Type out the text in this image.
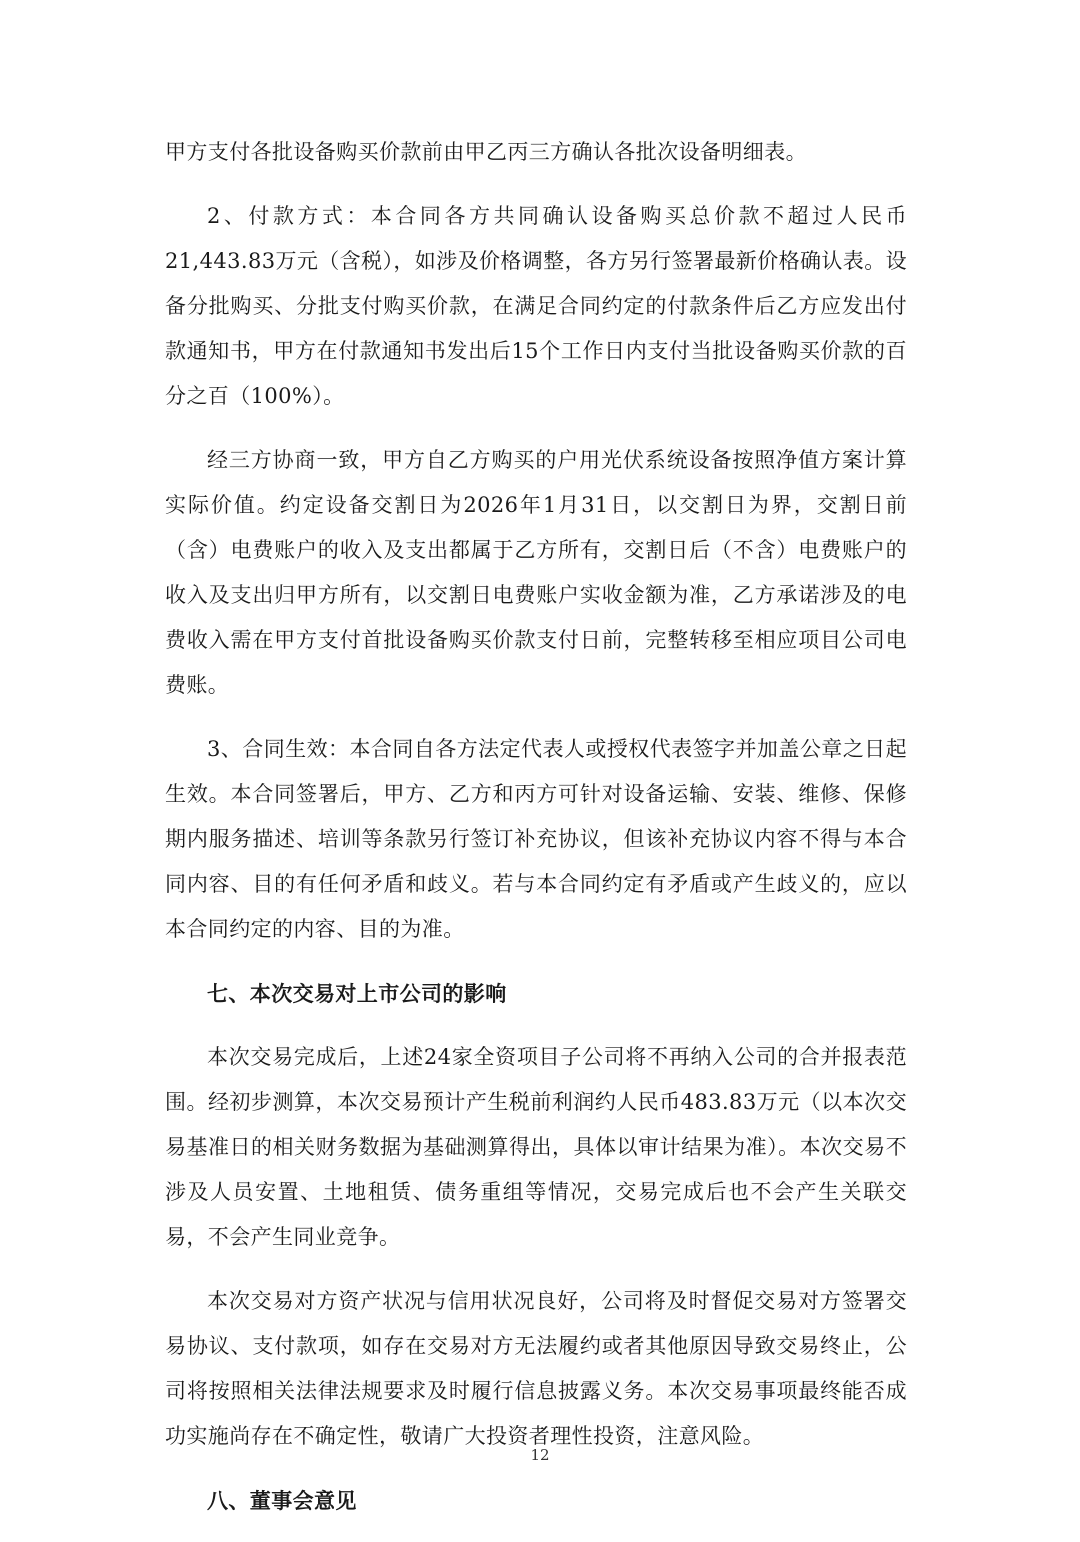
甲方支付各批设备购买价款前由甲乙丙三方确认各批次设备明细表。

2、付款方式：本合同各方共同确认设备购买总价款不超过人民币21,443.83万元（含税），如涉及价格调整，各方另行签署最新价格确认表。设备分批购买、分批支付购买价款，在满足合同约定的付款条件后乙方应发出付款通知书，甲方在付款通知书发出后15个工作日内支付当批设备购买价款的百分之百（100%）。

经三方协商一致，甲方自乙方购买的户用光伏系统设备按照净值方案计算实际价值。约定设备交割日为2026年1月31日，以交割日为界，交割日前（含）电费账户的收入及支出都属于乙方所有，交割日后（不含）电费账户的收入及支出归甲方所有，以交割日电费账户实收金额为准，乙方承诺涉及的电费收入需在甲方支付首批设备购买价款支付日前，完整转移至相应项目公司电费账。

3、合同生效：本合同自各方法定代表人或授权代表签字并加盖公章之日起生效。本合同签署后，甲方、乙方和丙方可针对设备运输、安装、维修、保修期内服务描述、培训等条款另行签订补充协议，但该补充协议内容不得与本合同内容、目的有任何矛盾和歧义。若与本合同约定有矛盾或产生歧义的，应以本合同约定的内容、目的为准。

七、本次交易对上市公司的影响

本次交易完成后，上述24家全资项目子公司将不再纳入公司的合并报表范围。经初步测算，本次交易预计产生税前利润约人民币483.83万元（以本次交易基准日的相关财务数据为基础测算得出，具体以审计结果为准）。本次交易不涉及人员安置、土地租赁、债务重组等情况，交易完成后也不会产生关联交易，不会产生同业竞争。

本次交易对方资产状况与信用状况良好，公司将及时督促交易对方签署交易协议、支付款项，如存在交易对方无法履约或者其他原因导致交易终止，公司将按照相关法律法规要求及时履行信息披露义务。本次交易事项最终能否成功实施尚存在不确定性，敬请广大投资者理性投资，注意风险。

八、董事会意见

12
